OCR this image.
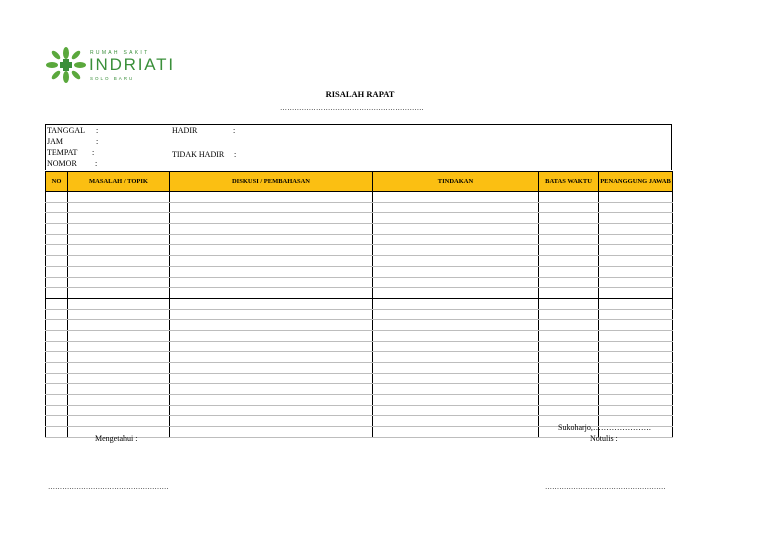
RUMAH SAKIT
INDRIATI
SOLO BARU
RISALAH RAPAT
……………………………………………………
TANGGAL :
JAM	:
TEMPAT :
NOMOR :
HADIR	:
TIDAK HADIR :
NO	MASALAH / TOPIK	DISKUSI / PEMBAHASAN	TINDAKAN	BATAS WAKTU	PENANGGUNG JAWAB

Sukoharjo,………………….
Mengetahui :	Notulis :
……………………………………………	……………………………………………
